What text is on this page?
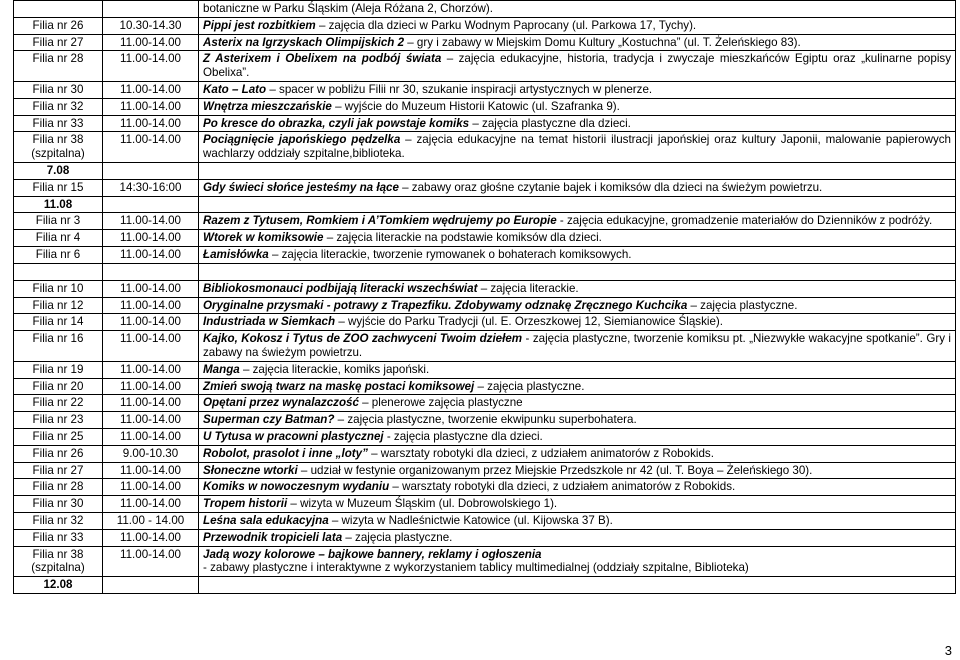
		botaniczne w Parku Śląskim (Aleja Różana 2, Chorzów).
Filia nr 26	10.30-14.30	Pippi jest rozbitkiem – zajęcia dla dzieci w Parku Wodnym Paprocany (ul. Parkowa 17, Tychy).
Filia nr 27	11.00-14.00	Asterix na Igrzyskach Olimpijskich 2 – gry i zabawy w Miejskim Domu Kultury „Kostuchna” (ul. T. Żeleńskiego 83).
Filia nr 28	11.00-14.00	Z Asterixem i Obelixem na podbój świata – zajęcia edukacyjne, historia, tradycja i zwyczaje mieszkańców Egiptu oraz „kulinarne popisy Obelixa”.
Filia nr 30	11.00-14.00	Kato – Lato – spacer w pobliżu Filii nr 30, szukanie inspiracji artystycznych w plenerze.
Filia nr 32	11.00-14.00	Wnętrza mieszczańskie – wyjście do Muzeum Historii Katowic (ul. Szafranka 9).
Filia nr 33	11.00-14.00	Po kresce do obrazka, czyli jak powstaje komiks – zajęcia plastyczne dla dzieci.
Filia nr 38 (szpitalna)	11.00-14.00	Pociągnięcie japońskiego pędzelka – zajęcia edukacyjne na temat historii ilustracji japońskiej oraz kultury Japonii, malowanie papierowych wachlarzy oddziały szpitalne,biblioteka.
7.08		
Filia nr 15	14:30-16:00	Gdy świeci słońce jesteśmy na łące – zabawy oraz głośne czytanie bajek i komiksów dla dzieci na świeżym powietrzu.
11.08		
Filia nr 3	11.00-14.00	Razem z Tytusem, Romkiem i A’Tomkiem wędrujemy po Europie - zajęcia edukacyjne, gromadzenie materiałów do Dzienników z podróży.
Filia nr 4	11.00-14.00	Wtorek w komiksowie – zajęcia literackie na podstawie komiksów dla dzieci.
Filia nr 6	11.00-14.00	Łamisłówka – zajęcia literackie, tworzenie rymowanek o bohaterach komiksowych.

Filia nr 10	11.00-14.00	Bibliokosmonauci podbijają literacki wszechświat – zajęcia literackie.
Filia nr 12	11.00-14.00	Oryginalne przysmaki - potrawy z Trapezfiku. Zdobywamy odznakę Zręcznego Kuchcika – zajęcia plastyczne.
Filia nr 14	11.00-14.00	Industriada w Siemkach – wyjście do Parku Tradycji (ul. E. Orzeszkowej 12, Siemianowice Śląskie).
Filia nr 16	11.00-14.00	Kajko, Kokosz i Tytus de ZOO zachwyceni Twoim dziełem - zajęcia plastyczne, tworzenie komiksu pt. „Niezwykłe wakacyjne spotkanie”. Gry i zabawy na świeżym powietrzu.
Filia nr 19	11.00-14.00	Manga – zajęcia literackie, komiks japoński.
Filia nr 20	11.00-14.00	Zmień swoją twarz na maskę postaci komiksowej – zajęcia plastyczne.
Filia nr 22	11.00-14.00	Opętani przez wynalazczość – plenerowe zajęcia plastyczne
Filia nr 23	11.00-14.00	Superman czy Batman? – zajęcia plastyczne, tworzenie ekwipunku superbohatera.
Filia nr 25	11.00-14.00	U Tytusa w pracowni plastycznej - zajęcia plastyczne dla dzieci.
Filia nr 26	9.00-10.30	Robolot, prasolot i inne „loty” – warsztaty robotyki dla dzieci, z udziałem animatorów z Robokids.
Filia nr 27	11.00-14.00	Słoneczne wtorki – udział w festynie organizowanym przez Miejskie Przedszkole nr 42 (ul. T. Boya – Żeleńskiego 30).
Filia nr 28	11.00-14.00	Komiks w nowoczesnym wydaniu – warsztaty robotyki dla dzieci, z udziałem animatorów z Robokids.
Filia nr 30	11.00-14.00	Tropem historii – wizyta w Muzeum Śląskim (ul. Dobrowolskiego 1).
Filia nr 32	11.00 - 14.00	Leśna sala edukacyjna – wizyta w Nadleśnictwie Katowice (ul. Kijowska 37 B).
Filia nr 33	11.00-14.00	Przewodnik tropicieli lata – zajęcia plastyczne.
Filia nr 38 (szpitalna)	11.00-14.00	Jadą wozy kolorowe – bajkowe bannery, reklamy i ogłoszenia
- zabawy plastyczne i interaktywne z wykorzystaniem tablicy multimedialnej (oddziały szpitalne, Biblioteka)

12.08		
3
